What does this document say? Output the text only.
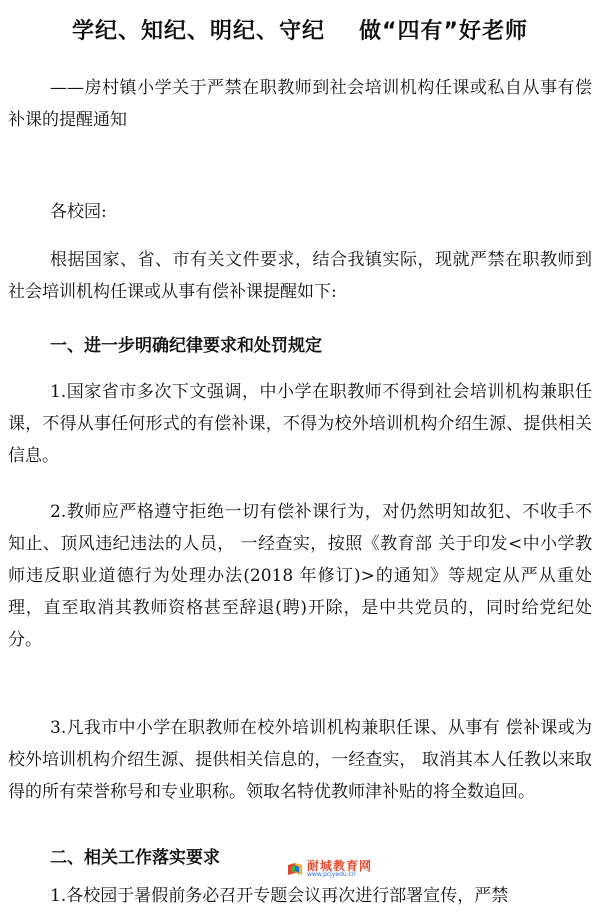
学纪、知纪、明纪、守纪 做“四有”好老师

——房村镇小学关于严禁在职教师到社会培训机构任课或私自从事有偿补课的提醒通知

各校园:

根据国家、省、市有关文件要求，结合我镇实际，现就严禁在职教师到社会培训机构任课或从事有偿补课提醒如下:

一、进一步明确纪律要求和处罚规定

1.国家省市多次下文强调，中小学在职教师不得到社会培训机构兼职任课，不得从事任何形式的有偿补课，不得为校外培训机构介绍生源、提供相关信息。

2.教师应严格遵守拒绝一切有偿补课行为，对仍然明知故犯、不收手不知止、顶风违纪违法的人员， 一经查实，按照《教育部 关于印发<中小学教师违反职业道德行为处理办法(2018 年修订)>的通知》等规定从严从重处理，直至取消其教师资格甚至辞退(聘)开除，是中共党员的，同时给党纪处分。

3.凡我市中小学在职教师在校外培训机构兼职任课、从事有 偿补课或为校外培训机构介绍生源、提供相关信息的，一经查实， 取消其本人任教以来取得的所有荣誉称号和专业职称。领取名特优教师津补贴的将全数追回。

二、相关工作落实要求

1.各校园于暑假前务必召开专题会议再次进行部署宣传，严禁

耐城教育网
www.pcjyedu.cn
